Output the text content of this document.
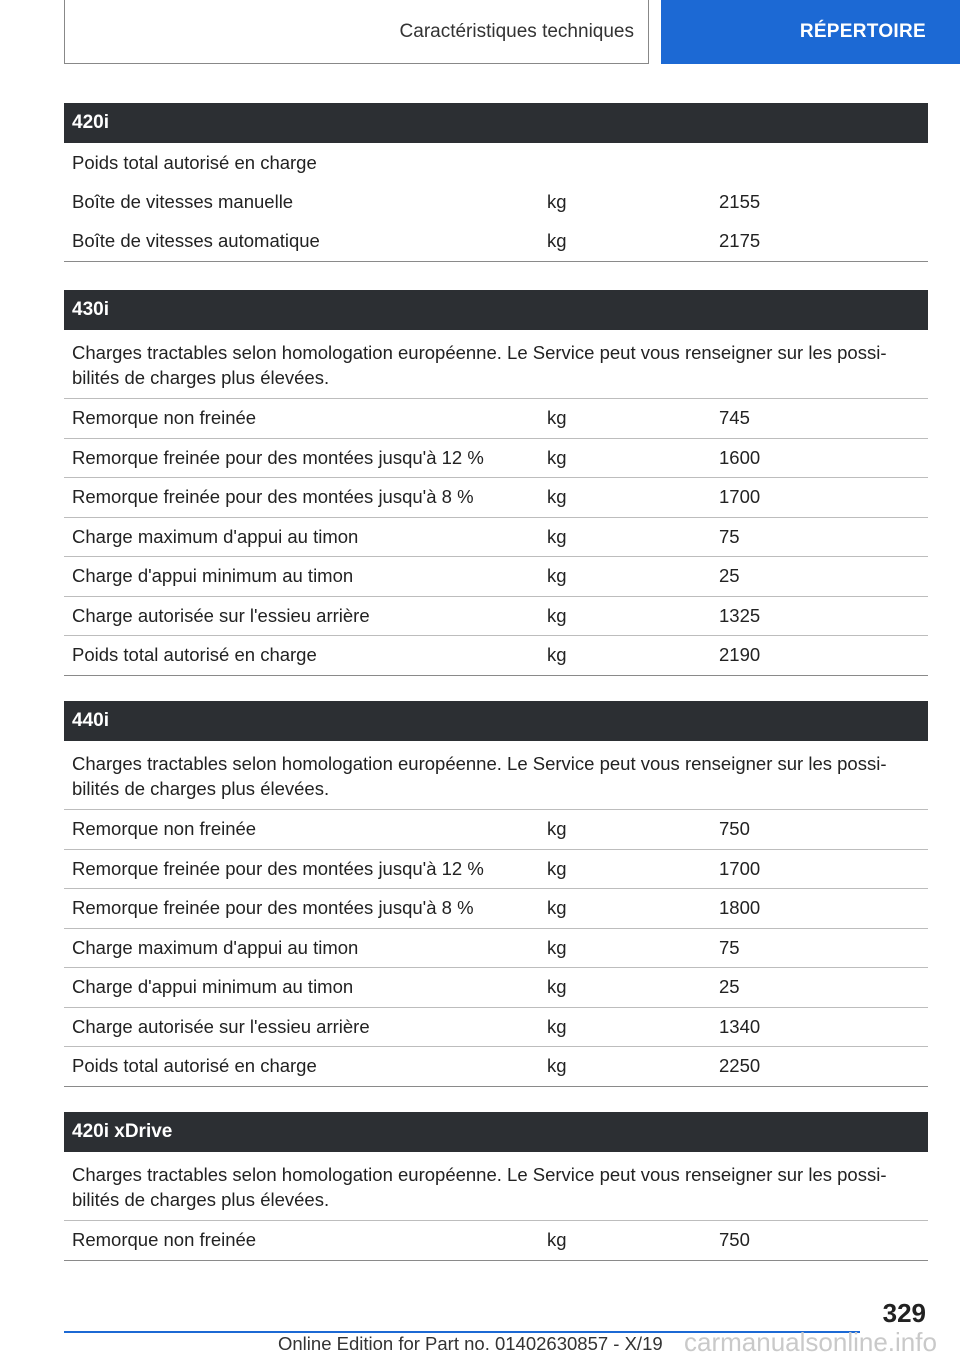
Caractéristiques techniques	RÉPERTOIRE
420i
Poids total autorisé en charge
Boîte de vitesses manuelle	kg	2155
Boîte de vitesses automatique	kg	2175
430i
Charges tractables selon homologation européenne. Le Service peut vous renseigner sur les possi-bilités de charges plus élevées.
Remorque non freinée	kg	745
Remorque freinée pour des montées jusqu'à 12 %	kg	1600
Remorque freinée pour des montées jusqu'à 8 %	kg	1700
Charge maximum d'appui au timon	kg	75
Charge d'appui minimum au timon	kg	25
Charge autorisée sur l'essieu arrière	kg	1325
Poids total autorisé en charge	kg	2190
440i
Charges tractables selon homologation européenne. Le Service peut vous renseigner sur les possi-bilités de charges plus élevées.
Remorque non freinée	kg	750
Remorque freinée pour des montées jusqu'à 12 %	kg	1700
Remorque freinée pour des montées jusqu'à 8 %	kg	1800
Charge maximum d'appui au timon	kg	75
Charge d'appui minimum au timon	kg	25
Charge autorisée sur l'essieu arrière	kg	1340
Poids total autorisé en charge	kg	2250
420i xDrive
Charges tractables selon homologation européenne. Le Service peut vous renseigner sur les possi-bilités de charges plus élevées.
Remorque non freinée	kg	750
329
Online Edition for Part no. 01402630857 - X/19 carmanualsonline.info
